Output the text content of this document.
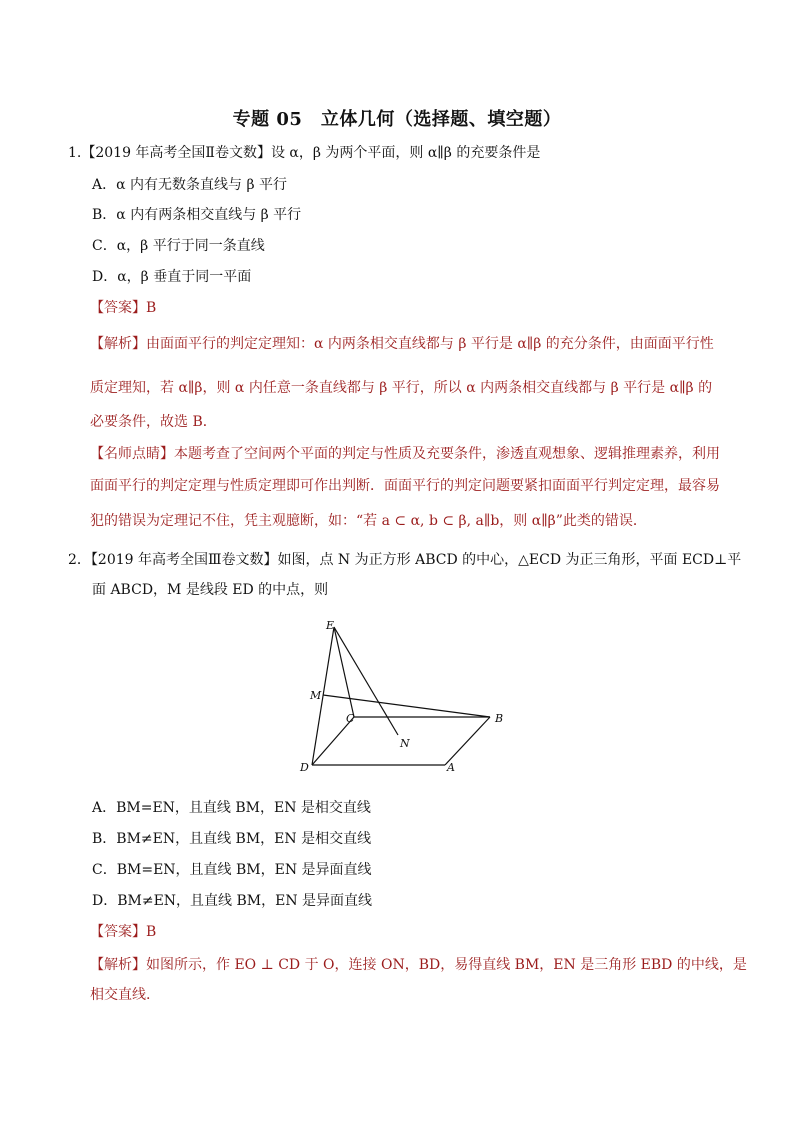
专题 05　立体几何（选择题、填空题）
1.【2019 年高考全国Ⅱ卷文数】设 α，β 为两个平面，则 α∥β 的充要条件是
A．α 内有无数条直线与 β 平行
B．α 内有两条相交直线与 β 平行
C．α，β 平行于同一条直线
D．α，β 垂直于同一平面
【答案】B
【解析】由面面平行的判定定理知：α 内两条相交直线都与 β 平行是 α∥β 的充分条件，由面面平行性
质定理知，若 α∥β，则 α 内任意一条直线都与 β 平行，所以 α 内两条相交直线都与 β 平行是 α∥β 的
必要条件，故选 B．
【名师点睛】本题考查了空间两个平面的判定与性质及充要条件，渗透直观想象、逻辑推理素养，利用
面面平行的判定定理与性质定理即可作出判断．面面平行的判定问题要紧扣面面平行判定定理，最容易
犯的错误为定理记不住，凭主观臆断，如：“若 a ⊂ α, b ⊂ β, a∥b，则 α∥β”此类的错误．
2．【2019 年高考全国Ⅲ卷文数】如图，点 N 为正方形 ABCD 的中心，△ECD 为正三角形，平面 ECD⊥平
面 ABCD，M 是线段 ED 的中点，则
E
M
C	B
N
D	A
A．BM=EN，且直线 BM，EN 是相交直线
B．BM≠EN，且直线 BM，EN 是相交直线
C．BM=EN，且直线 BM，EN 是异面直线
D．BM≠EN，且直线 BM，EN 是异面直线
【答案】B
【解析】如图所示，作 EO ⊥ CD 于 O，连接 ON，BD，易得直线 BM，EN 是三角形 EBD 的中线，是
相交直线.
